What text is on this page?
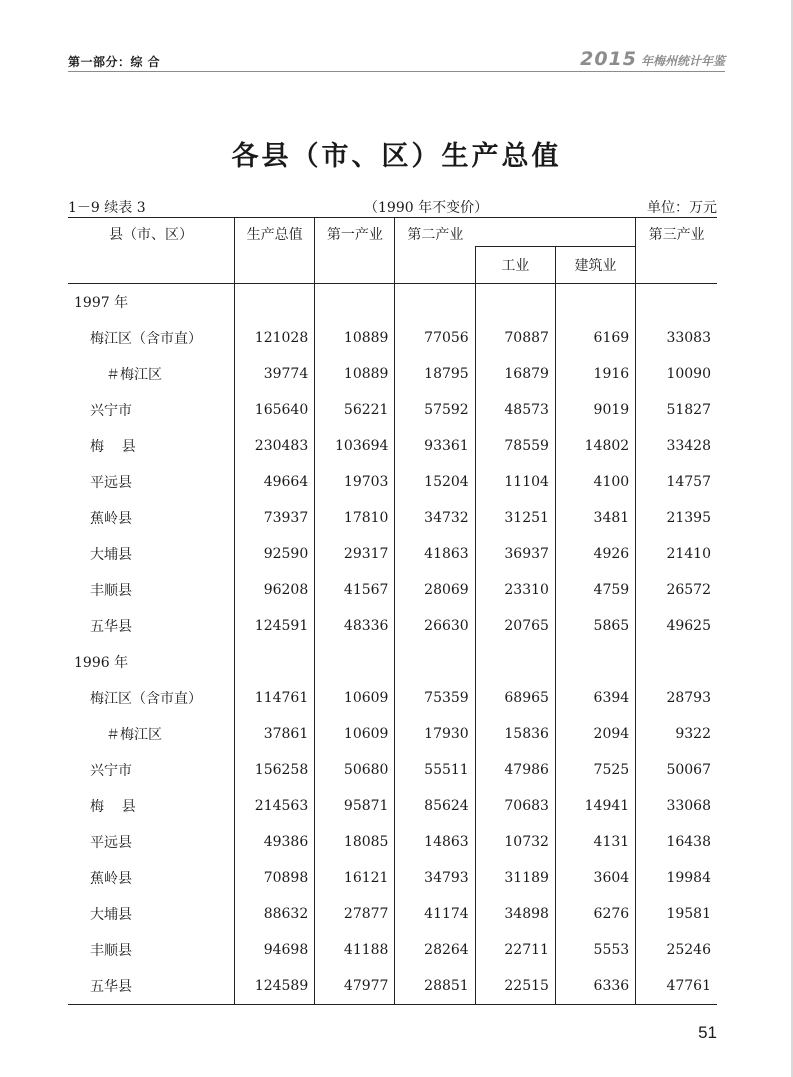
第一部分：综 合	2015 年梅州统计年鉴
各县（市、区）生产总值
1－9 续表 3	（1990 年不变价）	单位：万元
县（市、区）	生产总值	第一产业	第二产业			第三产业
				工业	建筑业	
1997 年						
梅江区（含市直）	121028	10889	77056	70887	6169	33083
＃梅江区	39774	10889	18795	16879	1916	10090
兴宁市	165640	56221	57592	48573	9019	51827
梅    县	230483	103694	93361	78559	14802	33428
平远县	49664	19703	15204	11104	4100	14757
蕉岭县	73937	17810	34732	31251	3481	21395
大埔县	92590	29317	41863	36937	4926	21410
丰顺县	96208	41567	28069	23310	4759	26572
五华县	124591	48336	26630	20765	5865	49625
1996 年						
梅江区（含市直）	114761	10609	75359	68965	6394	28793
＃梅江区	37861	10609	17930	15836	2094	9322
兴宁市	156258	50680	55511	47986	7525	50067
梅    县	214563	95871	85624	70683	14941	33068
平远县	49386	18085	14863	10732	4131	16438
蕉岭县	70898	16121	34793	31189	3604	19984
大埔县	88632	27877	41174	34898	6276	19581
丰顺县	94698	41188	28264	22711	5553	25246
五华县	124589	47977	28851	22515	6336	47761
51
